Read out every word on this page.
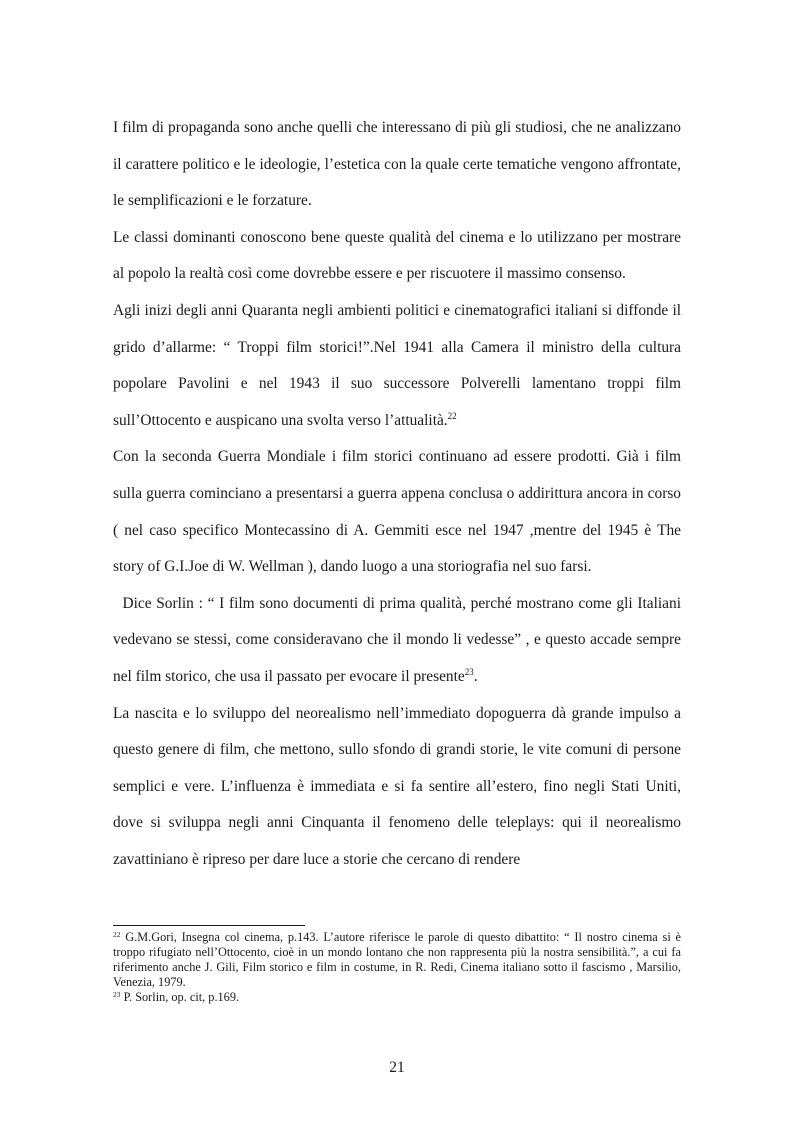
I film di propaganda sono anche quelli che interessano di più gli studiosi, che ne analizzano il carattere politico e le ideologie, l’estetica con la quale certe tematiche vengono affrontate, le semplificazioni e le forzature.

Le classi dominanti conoscono bene queste qualità del cinema e lo utilizzano per mostrare al popolo la realtà così come dovrebbe essere e per riscuotere il massimo consenso.

Agli inizi degli anni Quaranta negli ambienti politici e cinematografici italiani si diffonde il grido d’allarme: “ Troppi film storici!”.Nel 1941 alla Camera il ministro della cultura popolare Pavolini e nel 1943 il suo successore Polverelli lamentano troppi film sull’Ottocento e auspicano una svolta verso l’attualità.$^{22}$

Con la seconda Guerra Mondiale i film storici continuano ad essere prodotti. Già i film sulla guerra cominciano a presentarsi a guerra appena conclusa o addirittura ancora in corso ( nel caso specifico Montecassino di A. Gemmiti esce nel 1947 ,mentre del 1945 è The story of G.I.Joe di W. Wellman ), dando luogo a una storiografia nel suo farsi.

Dice Sorlin : “ I film sono documenti di prima qualità, perché mostrano come gli Italiani vedevano se stessi, come consideravano che il mondo li vedesse” , e questo accade sempre nel film storico, che usa il passato per evocare il presente$^{23}$.

La nascita e lo sviluppo del neorealismo nell’immediato dopoguerra dà grande impulso a questo genere di film, che mettono, sullo sfondo di grandi storie, le vite comuni di persone semplici e vere. L’influenza è immediata e si fa sentire all’estero, fino negli Stati Uniti, dove si sviluppa negli anni Cinquanta il fenomeno delle teleplays: qui il neorealismo zavattiniano è ripreso per dare luce a storie che cercano di rendere

$^{22}$ G.M.Gori, Insegna col cinema, p.143. L’autore riferisce le parole di questo dibattito: “ Il nostro cinema si è troppo rifugiato nell’Ottocento, cioè in un mondo lontano che non rappresenta più la nostra sensibilità.”, a cui fa riferimento anche J. Gili, Film storico e film in costume, in R. Redi, Cinema italiano sotto il fascismo , Marsilio, Venezia, 1979.

$^{23}$ P. Sorlin, op. cit, p.169.

21
